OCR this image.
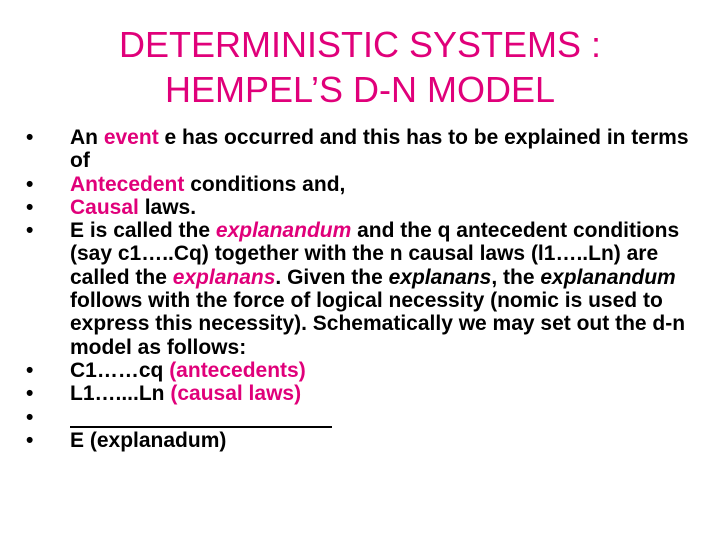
DETERMINISTIC SYSTEMS :
HEMPEL’S D-N MODEL
•	An event e has occurred and this has to be explained in terms of
•	Antecedent conditions and,
•	Causal laws.
•	E is called the explanandum and the q antecedent conditions (say c1…..Cq) together with the n causal laws (l1…..Ln) are called the explanans. Given the explanans, the explanandum follows with the force of logical necessity (nomic is used to express this necessity). Schematically we may set out the d-n model as follows:
•	C1……cq (antecedents)
•	L1…....Ln (causal laws)
•
•	E (explanadum)
